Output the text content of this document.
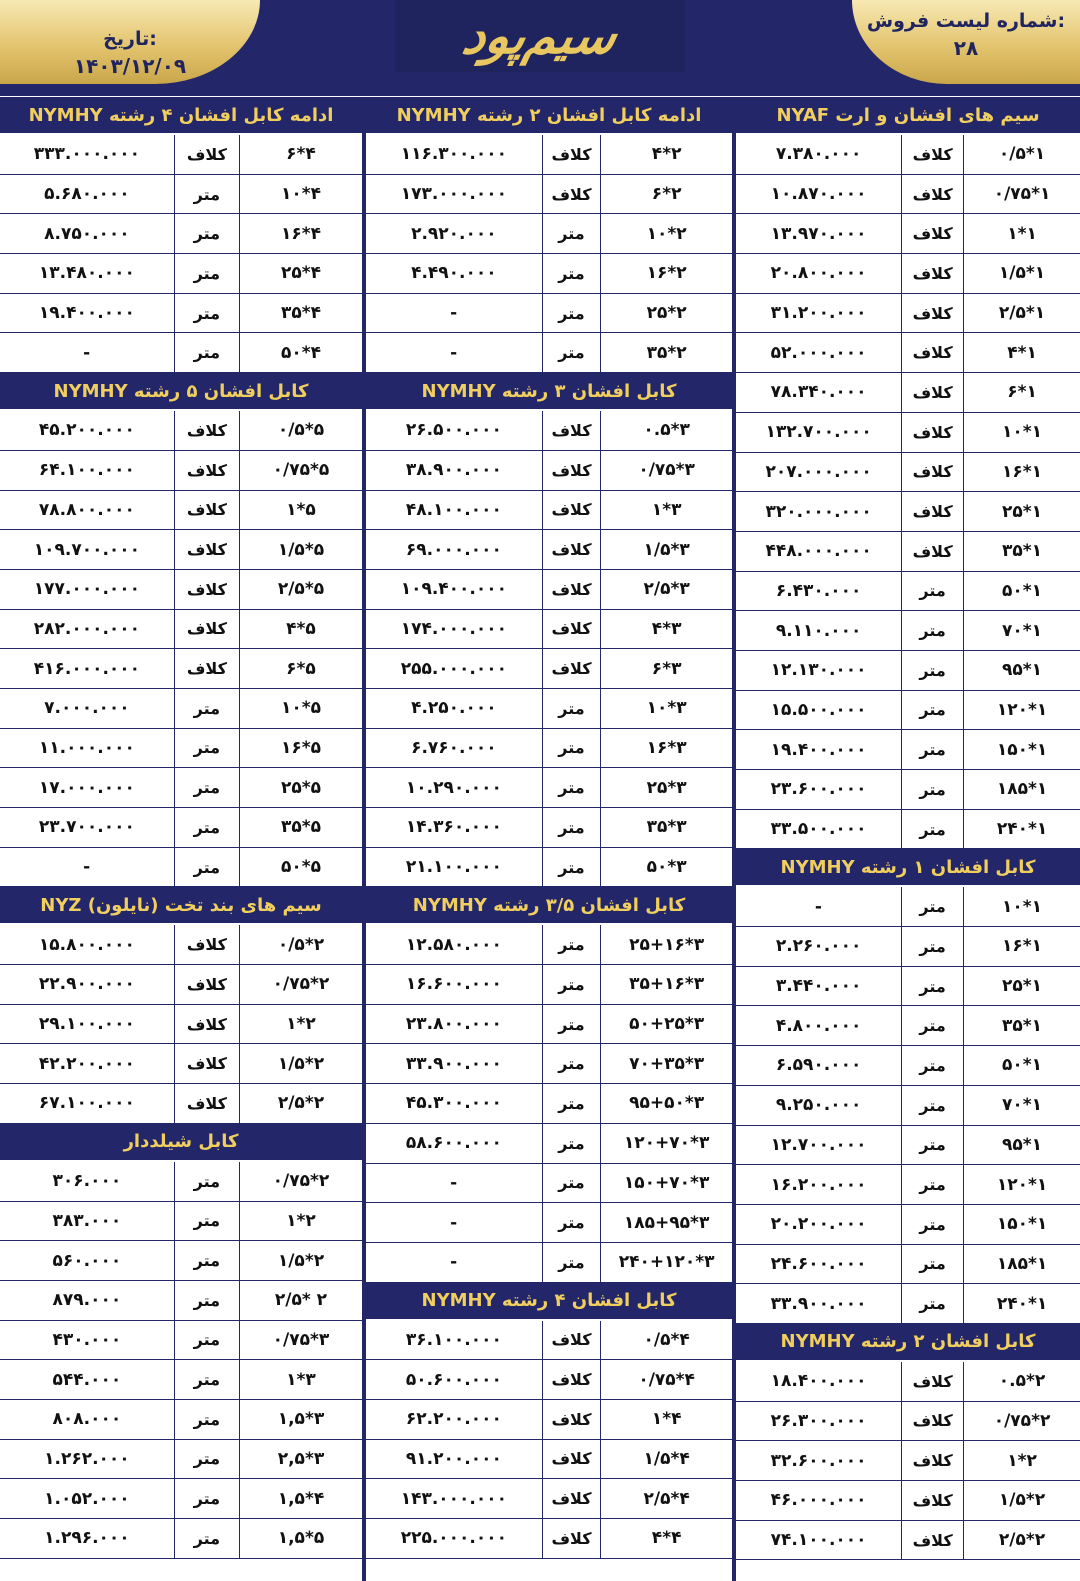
شماره لیست فروش:
۲۸
تاریخ:
۱۴۰۳/۱۲/۰۹
سیم‌پود
سیم های افشان و ارت NYAF
۱*۰/۵
کلاف
۷.۳۸۰.۰۰۰
۱*۰/۷۵
کلاف
۱۰.۸۷۰.۰۰۰
۱*۱
کلاف
۱۳.۹۷۰.۰۰۰
۱*۱/۵
کلاف
۲۰.۸۰۰.۰۰۰
۱*۲/۵
کلاف
۳۱.۲۰۰.۰۰۰
۱*۴
کلاف
۵۲.۰۰۰.۰۰۰
۱*۶
کلاف
۷۸.۳۴۰.۰۰۰
۱*۱۰
کلاف
۱۳۲.۷۰۰.۰۰۰
۱*۱۶
کلاف
۲۰۷.۰۰۰.۰۰۰
۱*۲۵
کلاف
۳۲۰.۰۰۰.۰۰۰
۱*۳۵
کلاف
۴۴۸.۰۰۰.۰۰۰
۱*۵۰
متر
۶.۴۳۰.۰۰۰
۱*۷۰
متر
۹.۱۱۰.۰۰۰
۱*۹۵
متر
۱۲.۱۳۰.۰۰۰
۱*۱۲۰
متر
۱۵.۵۰۰.۰۰۰
۱*۱۵۰
متر
۱۹.۴۰۰.۰۰۰
۱*۱۸۵
متر
۲۳.۶۰۰.۰۰۰
۱*۲۴۰
متر
۳۳.۵۰۰.۰۰۰
کابل افشان ۱ رشته NYMHY
۱*۱۰
متر
-
۱*۱۶
متر
۲.۲۶۰.۰۰۰
۱*۲۵
متر
۳.۴۴۰.۰۰۰
۱*۳۵
متر
۴.۸۰۰.۰۰۰
۱*۵۰
متر
۶.۵۹۰.۰۰۰
۱*۷۰
متر
۹.۲۵۰.۰۰۰
۱*۹۵
متر
۱۲.۷۰۰.۰۰۰
۱*۱۲۰
متر
۱۶.۲۰۰.۰۰۰
۱*۱۵۰
متر
۲۰.۲۰۰.۰۰۰
۱*۱۸۵
متر
۲۴.۶۰۰.۰۰۰
۱*۲۴۰
متر
۳۳.۹۰۰.۰۰۰
کابل افشان ۲ رشته NYMHY
۲*۰.۵
کلاف
۱۸.۴۰۰.۰۰۰
۲*۰/۷۵
کلاف
۲۶.۳۰۰.۰۰۰
۲*۱
کلاف
۳۲.۶۰۰.۰۰۰
۲*۱/۵
کلاف
۴۶.۰۰۰.۰۰۰
۲*۲/۵
کلاف
۷۴.۱۰۰.۰۰۰
ادامه کابل افشان ۲ رشته NYMHY
۲*۴
کلاف
۱۱۶.۳۰۰.۰۰۰
۲*۶
کلاف
۱۷۳.۰۰۰.۰۰۰
۲*۱۰
متر
۲.۹۲۰.۰۰۰
۲*۱۶
متر
۴.۴۹۰.۰۰۰
۲*۲۵
متر
-
۲*۳۵
متر
-
کابل افشان ۳ رشته NYMHY
۳*۰.۵
کلاف
۲۶.۵۰۰.۰۰۰
۳*۰/۷۵
کلاف
۳۸.۹۰۰.۰۰۰
۳*۱
کلاف
۴۸.۱۰۰.۰۰۰
۳*۱/۵
کلاف
۶۹.۰۰۰.۰۰۰
۳*۲/۵
کلاف
۱۰۹.۴۰۰.۰۰۰
۳*۴
کلاف
۱۷۴.۰۰۰.۰۰۰
۳*۶
کلاف
۲۵۵.۰۰۰.۰۰۰
۳*۱۰
متر
۴.۲۵۰.۰۰۰
۳*۱۶
متر
۶.۷۶۰.۰۰۰
۳*۲۵
متر
۱۰.۲۹۰.۰۰۰
۳*۳۵
متر
۱۴.۳۶۰.۰۰۰
۳*۵۰
متر
۲۱.۱۰۰.۰۰۰
کابل افشان ۳/۵ رشته NYMHY
۳*۲۵+۱۶
متر
۱۲.۵۸۰.۰۰۰
۳*۳۵+۱۶
متر
۱۶.۶۰۰.۰۰۰
۳*۵۰+۲۵
متر
۲۳.۸۰۰.۰۰۰
۳*۷۰+۳۵
متر
۳۳.۹۰۰.۰۰۰
۳*۹۵+۵۰
متر
۴۵.۳۰۰.۰۰۰
۳*۱۲۰+۷۰
متر
۵۸.۶۰۰.۰۰۰
۳*۱۵۰+۷۰
متر
-
۳*۱۸۵+۹۵
متر
-
۳*۲۴۰+۱۲۰
متر
-
کابل افشان ۴ رشته NYMHY
۴*۰/۵
کلاف
۳۶.۱۰۰.۰۰۰
۴*۰/۷۵
کلاف
۵۰.۶۰۰.۰۰۰
۴*۱
کلاف
۶۲.۲۰۰.۰۰۰
۴*۱/۵
کلاف
۹۱.۲۰۰.۰۰۰
۴*۲/۵
کلاف
۱۴۳.۰۰۰.۰۰۰
۴*۴
کلاف
۲۲۵.۰۰۰.۰۰۰
ادامه کابل افشان ۴ رشته NYMHY
۴*۶
کلاف
۳۳۳.۰۰۰.۰۰۰
۴*۱۰
متر
۵.۶۸۰.۰۰۰
۴*۱۶
متر
۸.۷۵۰.۰۰۰
۴*۲۵
متر
۱۳.۴۸۰.۰۰۰
۴*۳۵
متر
۱۹.۴۰۰.۰۰۰
۴*۵۰
متر
-
کابل افشان ۵ رشته NYMHY
۵*۰/۵
کلاف
۴۵.۲۰۰.۰۰۰
۵*۰/۷۵
کلاف
۶۴.۱۰۰.۰۰۰
۵*۱
کلاف
۷۸.۸۰۰.۰۰۰
۵*۱/۵
کلاف
۱۰۹.۷۰۰.۰۰۰
۵*۲/۵
کلاف
۱۷۷.۰۰۰.۰۰۰
۵*۴
کلاف
۲۸۲.۰۰۰.۰۰۰
۵*۶
کلاف
۴۱۶.۰۰۰.۰۰۰
۵*۱۰
متر
۷.۰۰۰.۰۰۰
۵*۱۶
متر
۱۱.۰۰۰.۰۰۰
۵*۲۵
متر
۱۷.۰۰۰.۰۰۰
۵*۳۵
متر
۲۳.۷۰۰.۰۰۰
۵*۵۰
متر
-
سیم های بند تخت (نایلون) NYZ
۲*۰/۵
کلاف
۱۵.۸۰۰.۰۰۰
۲*۰/۷۵
کلاف
۲۲.۹۰۰.۰۰۰
۲*۱
کلاف
۲۹.۱۰۰.۰۰۰
۲*۱/۵
کلاف
۴۲.۲۰۰.۰۰۰
۲*۲/۵
کلاف
۶۷.۱۰۰.۰۰۰
کابل شیلددار
۲*۰/۷۵
متر
۳۰۶.۰۰۰
۲*۱
متر
۳۸۳.۰۰۰
۲*۱/۵
متر
۵۶۰.۰۰۰
۲ *۲/۵
متر
۸۷۹.۰۰۰
۳*۰/۷۵
متر
۴۳۰.۰۰۰
۳*۱
متر
۵۴۴.۰۰۰
۳*۱,۵
متر
۸۰۸.۰۰۰
۳*۲,۵
متر
۱.۲۶۲.۰۰۰
۴*۱,۵
متر
۱.۰۵۲.۰۰۰
۵*۱,۵
متر
۱.۲۹۶.۰۰۰
